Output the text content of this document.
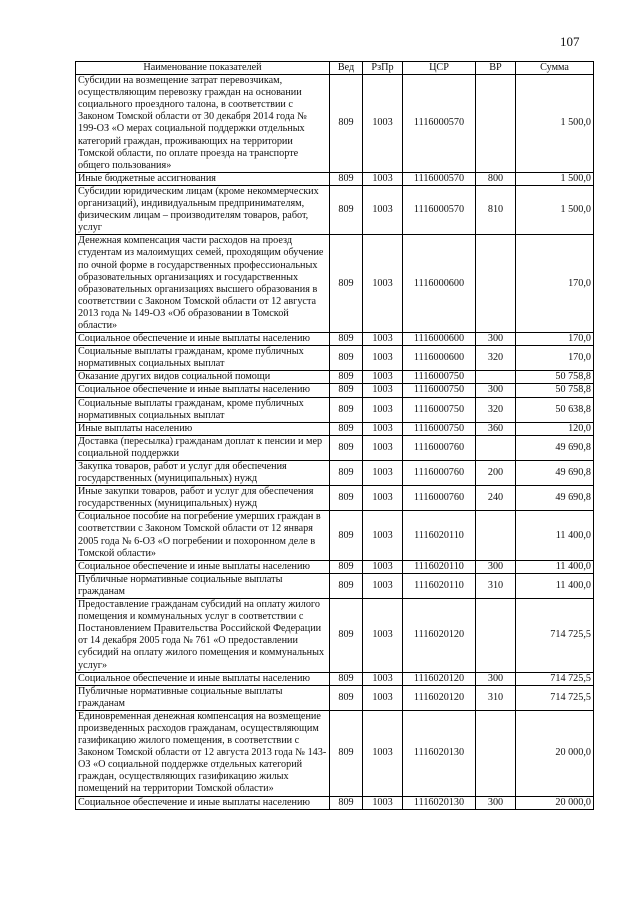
107
Наименование показателей	Вед	РзПр	ЦСР	ВР	Сумма
Субсидии на возмещение затрат перевозчикам, осуществляющим перевозку граждан на основании социального проездного талона, в соответствии с Законом Томской области от 30 декабря 2014 года № 199-ОЗ «О мерах социальной поддержки отдельных категорий граждан, проживающих на территории Томской области, по оплате проезда на транспорте общего пользования»	809	1003	1116000570		1 500,0
Иные бюджетные ассигнования	809	1003	1116000570	800	1 500,0
Субсидии юридическим лицам (кроме некоммерческих организаций), индивидуальным предпринимателям, физическим лицам – производителям товаров, работ, услуг	809	1003	1116000570	810	1 500,0
Денежная компенсация части расходов на проезд студентам из малоимущих семей, проходящим обучение по очной форме в государственных профессиональных образовательных организациях и государственных образовательных организациях высшего образования в соответствии с Законом Томской области от 12 августа 2013 года № 149-ОЗ «Об образовании в Томской области»	809	1003	1116000600		170,0
Социальное обеспечение и иные выплаты населению	809	1003	1116000600	300	170,0
Социальные выплаты гражданам, кроме публичных нормативных социальных выплат	809	1003	1116000600	320	170,0
Оказание других видов социальной помощи	809	1003	1116000750		50 758,8
Социальное обеспечение и иные выплаты населению	809	1003	1116000750	300	50 758,8
Социальные выплаты гражданам, кроме публичных нормативных социальных выплат	809	1003	1116000750	320	50 638,8
Иные выплаты населению	809	1003	1116000750	360	120,0
Доставка (пересылка) гражданам доплат к пенсии и мер социальной поддержки	809	1003	1116000760		49 690,8
Закупка товаров, работ и услуг для обеспечения государственных (муниципальных) нужд	809	1003	1116000760	200	49 690,8
Иные закупки товаров, работ и услуг для обеспечения государственных (муниципальных) нужд	809	1003	1116000760	240	49 690,8
Социальное пособие на погребение умерших граждан в соответствии с Законом Томской области от 12 января 2005 года № 6-ОЗ «О погребении и похоронном деле в Томской области»	809	1003	1116020110		11 400,0
Социальное обеспечение и иные выплаты населению	809	1003	1116020110	300	11 400,0
Публичные нормативные социальные выплаты гражданам	809	1003	1116020110	310	11 400,0
Предоставление гражданам субсидий на оплату жилого помещения и коммунальных услуг в соответствии с Постановлением Правительства Российской Федерации от 14 декабря 2005 года № 761 «О предоставлении субсидий на оплату жилого помещения и коммунальных услуг»	809	1003	1116020120		714 725,5
Социальное обеспечение и иные выплаты населению	809	1003	1116020120	300	714 725,5
Публичные нормативные социальные выплаты гражданам	809	1003	1116020120	310	714 725,5
Единовременная денежная компенсация на возмещение произведенных расходов гражданам, осуществляющим газификацию жилого помещения, в соответствии с Законом Томской области от 12 августа 2013 года № 143-ОЗ «О социальной поддержке отдельных категорий граждан, осуществляющих газификацию жилых помещений на территории Томской области»	809	1003	1116020130		20 000,0
Социальное обеспечение и иные выплаты населению	809	1003	1116020130	300	20 000,0
